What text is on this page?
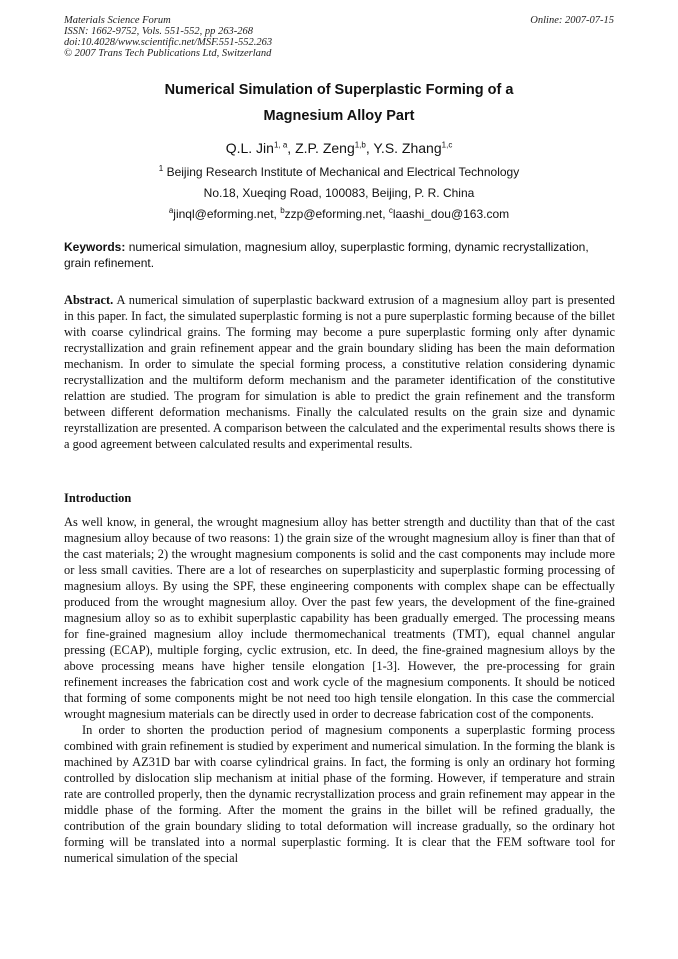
Materials Science Forum
ISSN: 1662-9752, Vols. 551-552, pp 263-268
doi:10.4028/www.scientific.net/MSF.551-552.263
© 2007 Trans Tech Publications Ltd, Switzerland
Online: 2007-07-15
Numerical Simulation of Superplastic Forming of a
Magnesium Alloy Part
Q.L. Jin$^{1, a}$, Z.P. Zeng$^{1,b}$, Y.S. Zhang$^{1,c}$
$^1$ Beijing Research Institute of Mechanical and Electrical Technology
No.18, Xueqing Road, 100083, Beijing, P. R. China
$^a$jinql@eforming.net, $^b$zzp@eforming.net, $^c$laashi_dou@163.com
Keywords: numerical simulation, magnesium alloy, superplastic forming, dynamic recrystallization, grain refinement.
Abstract. A numerical simulation of superplastic backward extrusion of a magnesium alloy part is presented in this paper. In fact, the simulated superplastic forming is not a pure superplastic forming because of the billet with coarse cylindrical grains. The forming may become a pure superplastic forming only after dynamic recrystallization and grain refinement appear and the grain boundary sliding has been the main deformation mechanism. In order to simulate the special forming process, a constitutive relation considering dynamic recrystallization and the multiform deform mechanism and the parameter identification of the constitutive relattion are studied. The program for simulation is able to predict the grain refinement and the transform between different deformation mechanisms. Finally the calculated results on the grain size and dynamic reyrstallization are presented. A comparison between the calculated and the experimental results shows there is a good agreement between calculated results and experimental results.
Introduction

As well know, in general, the wrought magnesium alloy has better strength and ductility than that of the cast magnesium alloy because of two reasons: 1) the grain size of the wrought magnesium alloy is finer than that of the cast materials; 2) the wrought magnesium components is solid and the cast components may include more or less small cavities. There are a lot of researches on superplasticity and superplastic forming processing of magnesium alloys. By using the SPF, these engineering components with complex shape can be effectually produced from the wrought magnesium alloy. Over the past few years, the development of the fine-grained magnesium alloy so as to exhibit superplastic capability has been gradually emerged. The processing means for fine-grained magnesium alloy include thermomechanical treatments (TMT), equal channel angular pressing (ECAP), multiple forging, cyclic extrusion, etc. In deed, the fine-grained magnesium alloys by the above processing means have higher tensile elongation [1-3]. However, the pre-processing for grain refinement increases the fabrication cost and work cycle of the magnesium components. It should be noticed that forming of some components might be not need too high tensile elongation. In this case the commercial wrought magnesium materials can be directly used in order to decrease fabrication cost of the components.

In order to shorten the production period of magnesium components a superplastic forming process combined with grain refinement is studied by experiment and numerical simulation. In the forming the blank is machined by AZ31D bar with coarse cylindrical grains. In fact, the forming is only an ordinary hot forming controlled by dislocation slip mechanism at initial phase of the forming. However, if temperature and strain rate are controlled properly, then the dynamic recrystallization process and grain refinement may appear in the middle phase of the forming. After the moment the grains in the billet will be refined gradually, the contribution of the grain boundary sliding to total deformation will increase gradually, so the ordinary hot forming will be translated into a normal superplastic forming. It is clear that the FEM software tool for numerical simulation of the special
